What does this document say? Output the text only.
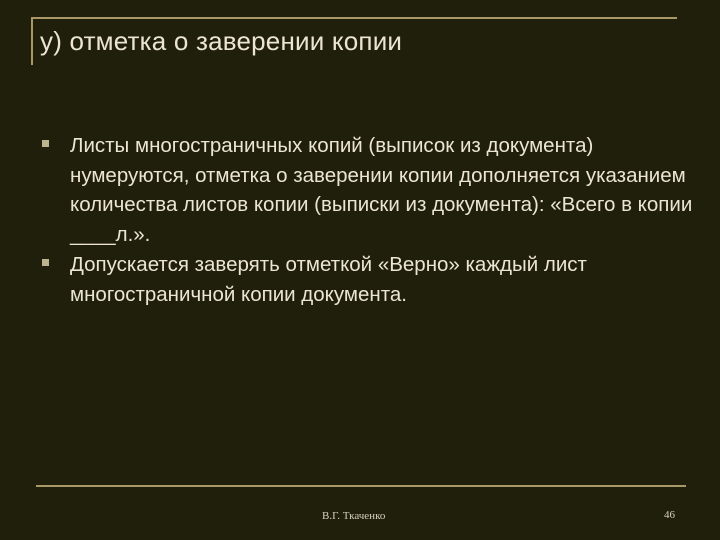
у) отметка о заверении копии
Листы многостраничных копий (выписок из документа) нумеруются, отметка о заверении копии дополняется указанием количества листов копии (выписки из документа): «Всего в копии ____л.».
Допускается заверять отметкой «Верно» каждый лист многостраничной копии документа.
В.Г. Ткаченко	46
